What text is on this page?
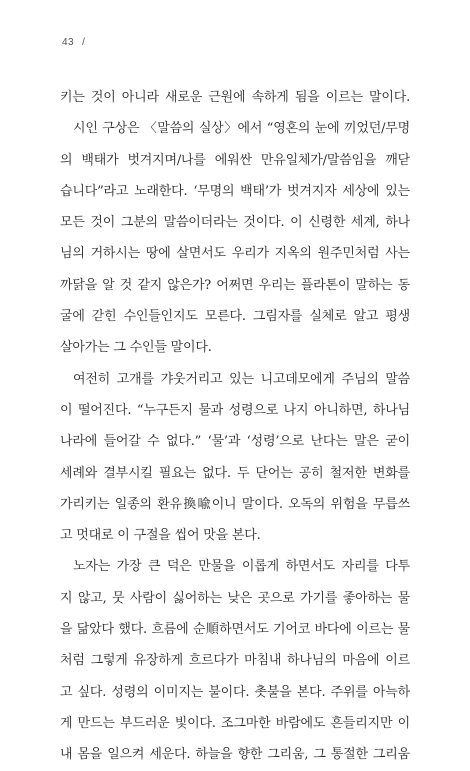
43 /
키는 것이 아니라 새로운 근원에 속하게 됨을 이르는 말이다.
시인 구상은 〈말씀의 실상〉에서 “영혼의 눈에 끼었던/무명
의 백태가 벗겨지며/나를 에워싼 만유일체가/말씀임을 깨닫
습니다”라고 노래한다. ‘무명의 백태’가 벗겨지자 세상에 있는
모든 것이 그분의 말씀이더라는 것이다. 이 신령한 세계, 하나
님의 거하시는 땅에 살면서도 우리가 지옥의 원주민처럼 사는
까닭을 알 것 같지 않은가? 어쩌면 우리는 플라톤이 말하는 동
굴에 갇힌 수인들인지도 모른다. 그림자를 실체로 알고 평생
살아가는 그 수인들 말이다.
여전히 고개를 갸웃거리고 있는 니고데모에게 주님의 말씀
이 떨어진다. “누구든지 물과 성령으로 나지 아니하면, 하나님
나라에 들어갈 수 없다.” ‘물’과 ‘성령’으로 난다는 말은 굳이
세례와 결부시킬 필요는 없다. 두 단어는 공히 철저한 변화를
가리키는 일종의 환유換喩이니 말이다. 오독의 위험을 무릅쓰
고 멋대로 이 구절을 씹어 맛을 본다.
노자는 가장 큰 덕은 만물을 이롭게 하면서도 자리를 다투
지 않고, 뭇 사람이 싫어하는 낮은 곳으로 가기를 좋아하는 물
을 닮았다 했다. 흐름에 순順하면서도 기어코 바다에 이르는 물
처럼 그렇게 유장하게 흐르다가 마침내 하나님의 마음에 이르
고 싶다. 성령의 이미지는 불이다. 촛불을 본다. 주위를 아늑하
게 만드는 부드러운 빛이다. 조그마한 바람에도 흔들리지만 이
내 몸을 일으켜 세운다. 하늘을 향한 그리움, 그 통절한 그리움
